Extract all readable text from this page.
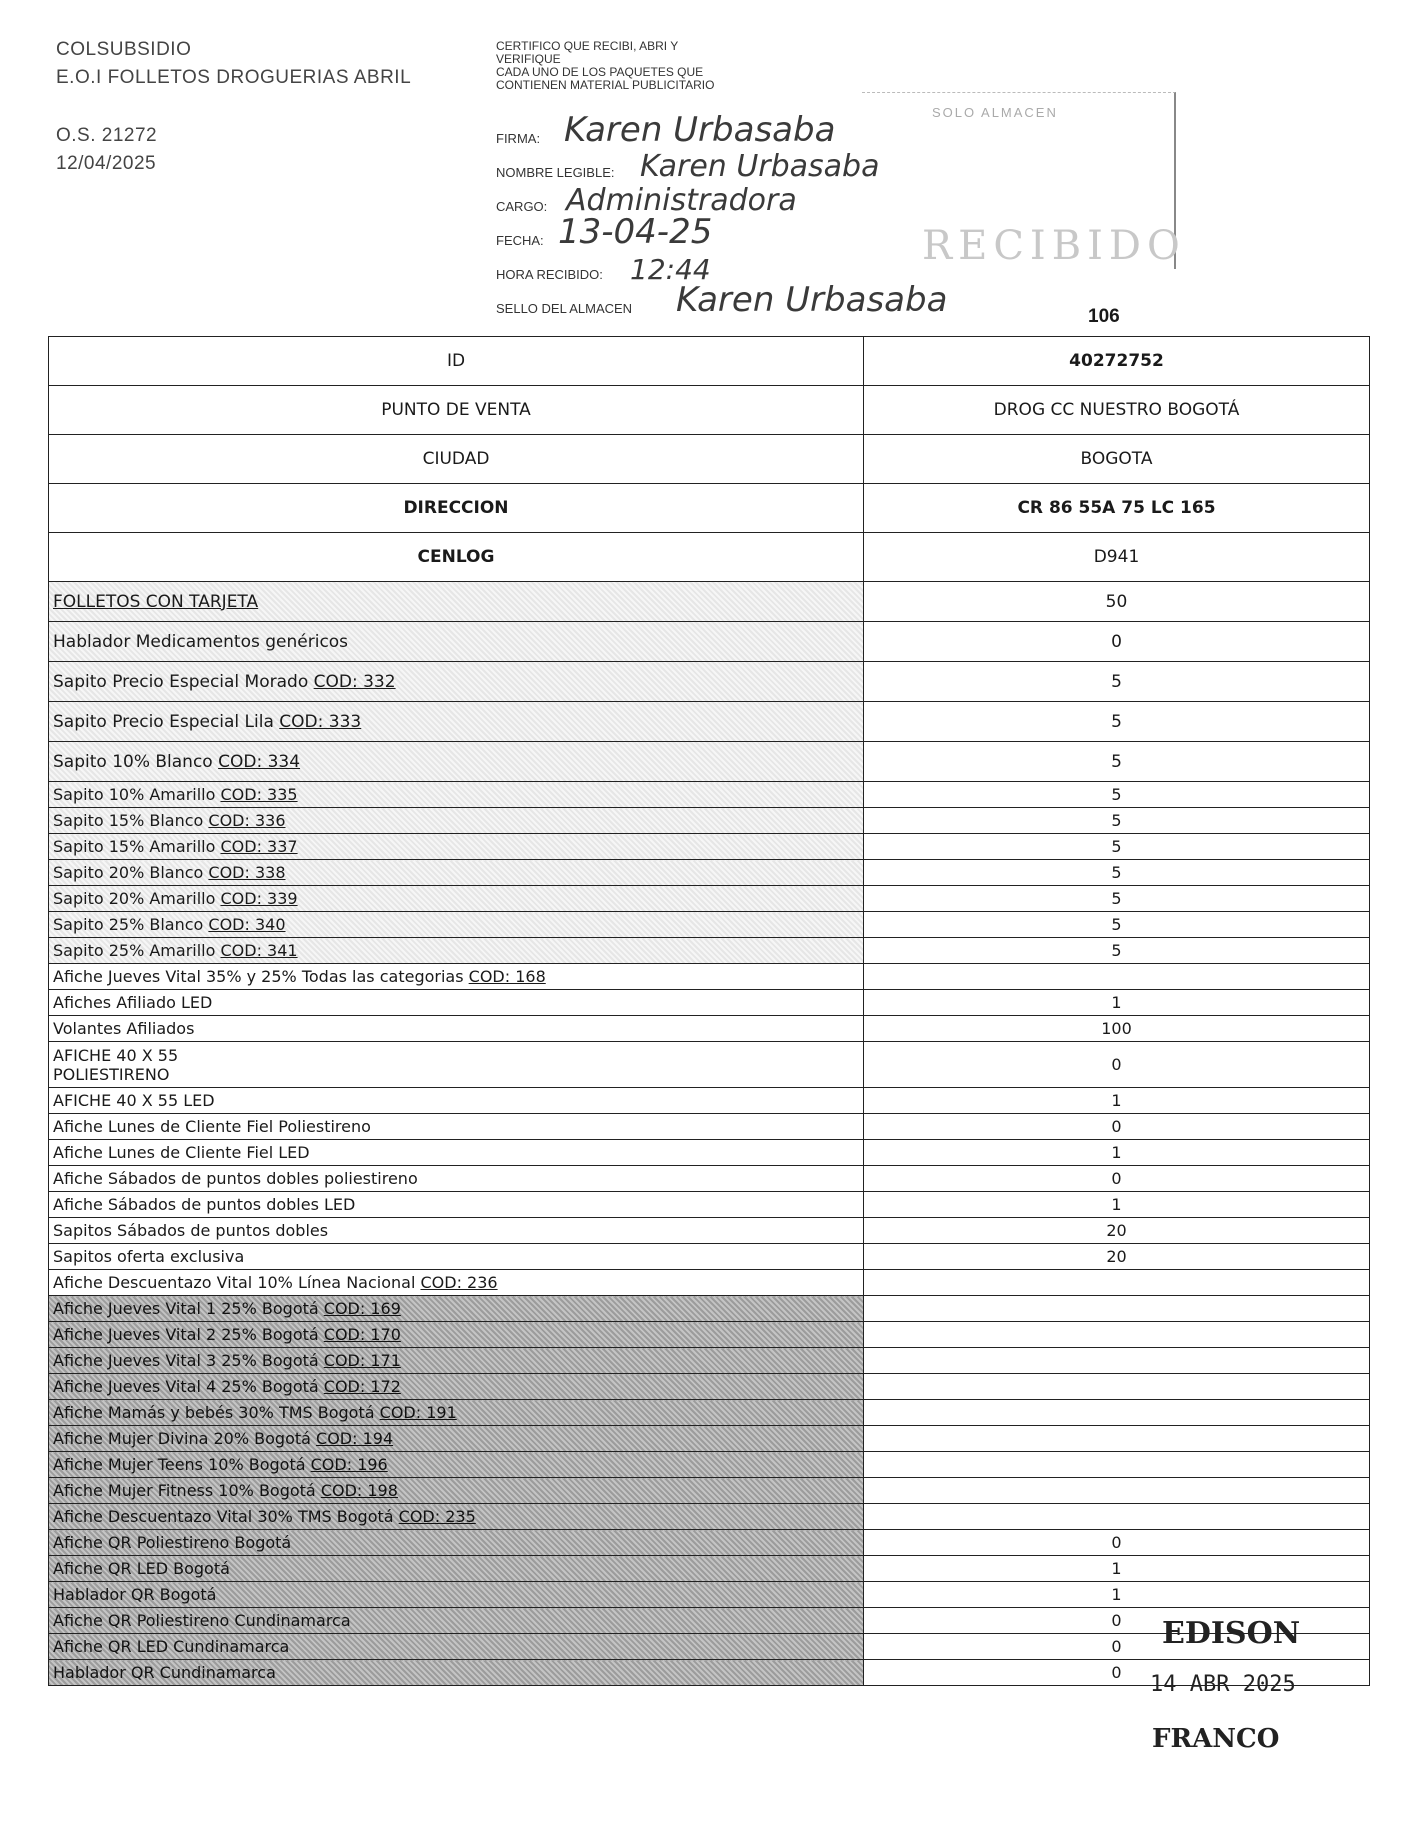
COLSUBSIDIO
E.O.I FOLLETOS DROGUERIAS ABRIL
O.S. 21272
12/04/2025
CERTIFICO QUE RECIBI, ABRI Y
VERIFIQUE
CADA UNO DE LOS PAQUETES QUE
CONTIENEN MATERIAL PUBLICITARIO
FIRMA: Karen Urbasaba
NOMBRE LEGIBLE: Karen Urbasaba
CARGO: Administradora
FECHA: 13-04-25
HORA RECIBIDO: 12:44
SELLO DEL ALMACEN Karen Urbasaba
SOLO ALMACEN
RECIBIDO
106
ID	40272752
PUNTO DE VENTA	DROG CC NUESTRO BOGOTÁ
CIUDAD	BOGOTA
DIRECCION	CR 86 55A 75 LC 165
CENLOG	D941
FOLLETOS CON TARJETA	50
Hablador Medicamentos genéricos	0
Sapito Precio Especial Morado COD: 332	5
Sapito Precio Especial Lila COD: 333	5
Sapito 10% Blanco COD: 334	5
Sapito 10% Amarillo COD: 335	5
Sapito 15% Blanco COD: 336	5
Sapito 15% Amarillo COD: 337	5
Sapito 20% Blanco COD: 338	5
Sapito 20% Amarillo COD: 339	5
Sapito 25% Blanco COD: 340	5
Sapito 25% Amarillo COD: 341	5
Afiche Jueves Vital 35% y 25% Todas las categorias COD: 168	
Afiches Afiliado LED	1
Volantes Afiliados	100
AFICHE 40 X 55
POLIESTIRENO	0
AFICHE 40 X 55 LED	1
Afiche Lunes de Cliente Fiel Poliestireno	0
Afiche Lunes de Cliente Fiel LED	1
Afiche Sábados de puntos dobles poliestireno	0
Afiche Sábados de puntos dobles LED	1
Sapitos Sábados de puntos dobles	20
Sapitos oferta exclusiva	20
Afiche Descuentazo Vital 10% Línea Nacional COD: 236	
Afiche Jueves Vital 1 25% Bogotá COD: 169	
Afiche Jueves Vital 2 25% Bogotá COD: 170	
Afiche Jueves Vital 3 25% Bogotá COD: 171	
Afiche Jueves Vital 4 25% Bogotá COD: 172	
Afiche Mamás y bebés 30% TMS Bogotá COD: 191	
Afiche Mujer Divina 20% Bogotá COD: 194	
Afiche Mujer Teens 10% Bogotá COD: 196	
Afiche Mujer Fitness 10% Bogotá COD: 198	
Afiche Descuentazo Vital 30% TMS Bogotá COD: 235	
Afiche QR Poliestireno Bogotá	0
Afiche QR LED Bogotá	1
Hablador QR Bogotá	1
Afiche QR Poliestireno Cundinamarca	0
Afiche QR LED Cundinamarca	0
Hablador QR Cundinamarca	0
EDISON
14 ABR 2025
FRANCO
